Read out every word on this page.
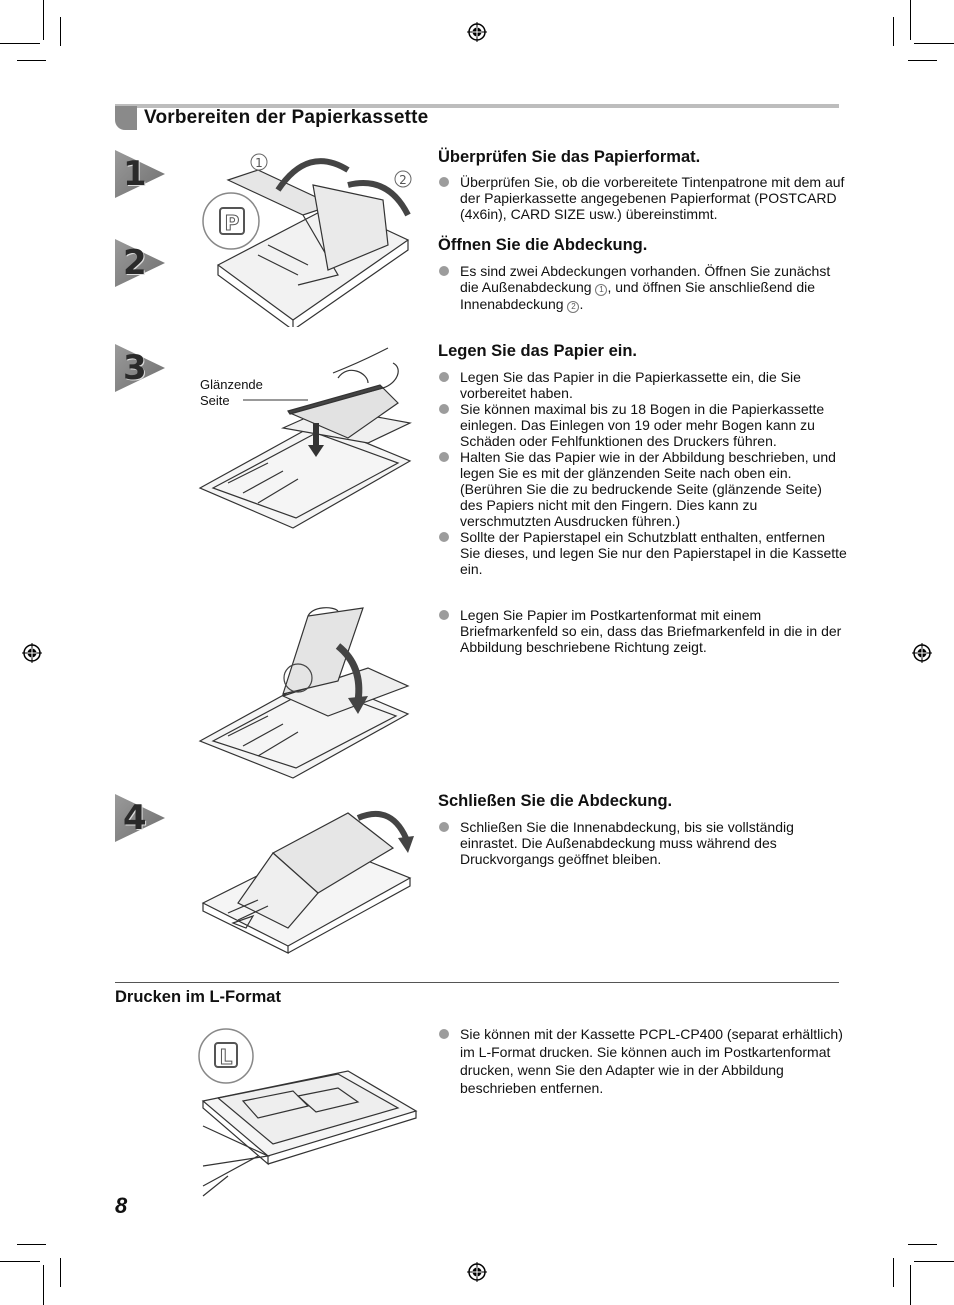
Vorbereiten der Papierkassette
1
2
3
4
P
1
2
Überprüfen Sie das Papierformat.

Überprüfen Sie, ob die vorbereitete Tintenpatrone mit dem auf der Papierkassette angegebenen Papierformat (POSTCARD (4x6in), CARD SIZE usw.) übereinstimmt.

Öffnen Sie die Abdeckung.

Es sind zwei Abdeckungen vorhanden. Öffnen Sie zunächst die Außenabdeckung 1 , und öffnen Sie anschließend die Innenabdeckung 2 .

Glänzende
Seite
Legen Sie das Papier ein.

Legen Sie das Papier in die Papierkassette ein, die Sie vorbereitet haben.

Sie können maximal bis zu 18 Bogen in die Papierkassette einlegen. Das Einlegen von 19 oder mehr Bogen kann zu Schäden oder Fehlfunktionen des Druckers führen.

Halten Sie das Papier wie in der Abbildung beschrieben, und legen Sie es mit der glänzenden Seite nach oben ein. (Berühren Sie die zu bedruckende Seite (glänzende Seite) des Papiers nicht mit den Fingern. Dies kann zu verschmutzten Ausdrucken führen.)

Sollte der Papierstapel ein Schutzblatt enthalten, entfernen Sie dieses, und legen Sie nur den Papierstapel in die Kassette ein.

Legen Sie Papier im Postkartenformat mit einem Briefmarkenfeld so ein, dass das Briefmarkenfeld in die in der Abbildung beschriebene Richtung zeigt.

Schließen Sie die Abdeckung.

Schließen Sie die Innenabdeckung, bis sie vollständig einrastet. Die Außenabdeckung muss während des Druckvorgangs geöffnet bleiben.

Drucken im L-Format
L

Sie können mit der Kassette PCPL-CP400 (separat erhältlich) im L-Format drucken. Sie können auch im Postkartenformat drucken, wenn Sie den Adapter wie in der Abbildung beschrieben entfernen.

8
